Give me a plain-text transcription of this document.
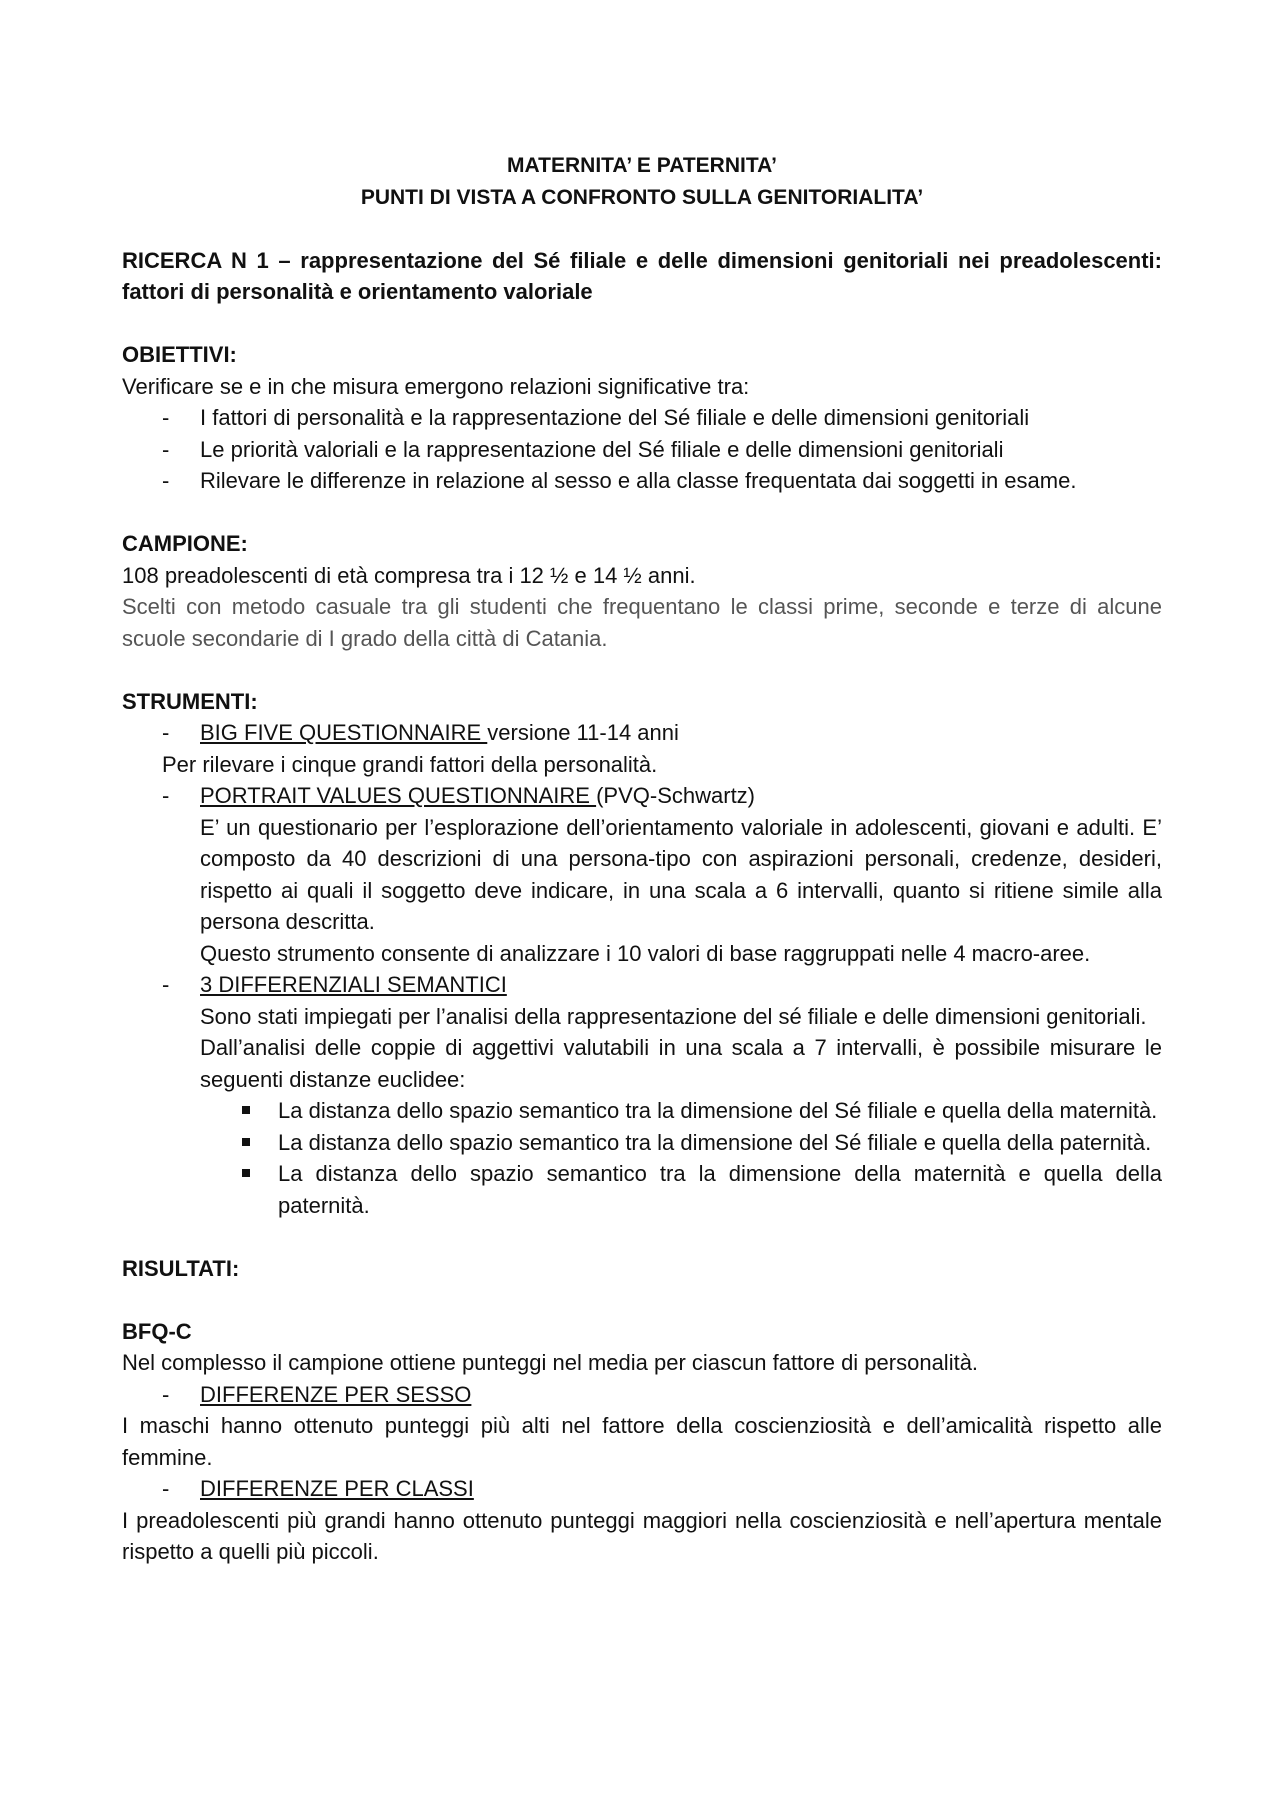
MATERNITA’ E PATERNITA’
PUNTI DI VISTA A CONFRONTO SULLA GENITORIALITA’
RICERCA N 1 – rappresentazione del Sé filiale e delle dimensioni genitoriali nei preadolescenti: fattori di personalità e orientamento valoriale
OBIETTIVI:
Verificare se e in che misura emergono relazioni significative tra:
- I fattori di personalità e la rappresentazione del Sé filiale e delle dimensioni genitoriali
- Le priorità valoriali e la rappresentazione del Sé filiale e delle dimensioni genitoriali
- Rilevare le differenze in relazione al sesso e alla classe frequentata dai soggetti in esame.
CAMPIONE:
108 preadolescenti di età compresa tra i 12 ½ e 14 ½ anni.
Scelti con metodo casuale tra gli studenti che frequentano le classi prime, seconde e terze di alcune scuole secondarie di I grado della città di Catania.
STRUMENTI:
- BIG FIVE QUESTIONNAIRE versione 11-14 anni
Per rilevare i cinque grandi fattori della personalità.
- PORTRAIT VALUES QUESTIONNAIRE (PVQ-Schwartz)
E’ un questionario per l’esplorazione dell’orientamento valoriale in adolescenti, giovani e adulti. E’ composto da 40 descrizioni di una persona-tipo con aspirazioni personali, credenze, desideri, rispetto ai quali il soggetto deve indicare, in una scala a 6 intervalli, quanto si ritiene simile alla persona descritta.
Questo strumento consente di analizzare i 10 valori di base raggruppati nelle 4 macro-aree.
- 3 DIFFERENZIALI SEMANTICI
Sono stati impiegati per l’analisi della rappresentazione del sé filiale e delle dimensioni genitoriali.
Dall’analisi delle coppie di aggettivi valutabili in una scala a 7 intervalli, è possibile misurare le seguenti distanze euclidee:
La distanza dello spazio semantico tra la dimensione del Sé filiale e quella della maternità.
La distanza dello spazio semantico tra la dimensione del Sé filiale e quella della paternità.
La distanza dello spazio semantico tra la dimensione della maternità e quella della paternità.
RISULTATI:
BFQ-C
Nel complesso il campione ottiene punteggi nel media per ciascun fattore di personalità.
- DIFFERENZE PER SESSO
I maschi hanno ottenuto punteggi più alti nel fattore della coscienziosità e dell’amicalità rispetto alle femmine.
- DIFFERENZE PER CLASSI
I preadolescenti più grandi hanno ottenuto punteggi maggiori nella coscienziosità e nell’apertura mentale rispetto a quelli più piccoli.
